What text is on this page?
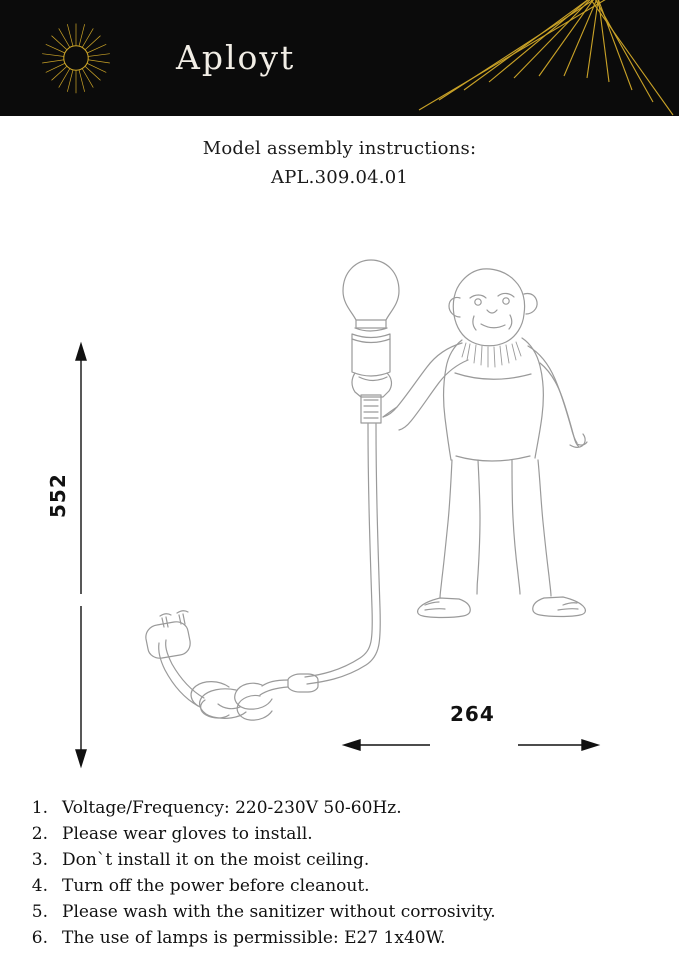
Aployt
Model assembly instructions:
APL.309.04.01
552
264
1. Voltage/Frequency: 220-230V 50-60Hz.
2. Please wear gloves to install.
3. Don`t install it on the moist ceiling.
4. Turn off the power before cleanout.
5. Please wash with the sanitizer without corrosivity.
6. The use of lamps is permissible: E27 1x40W.
